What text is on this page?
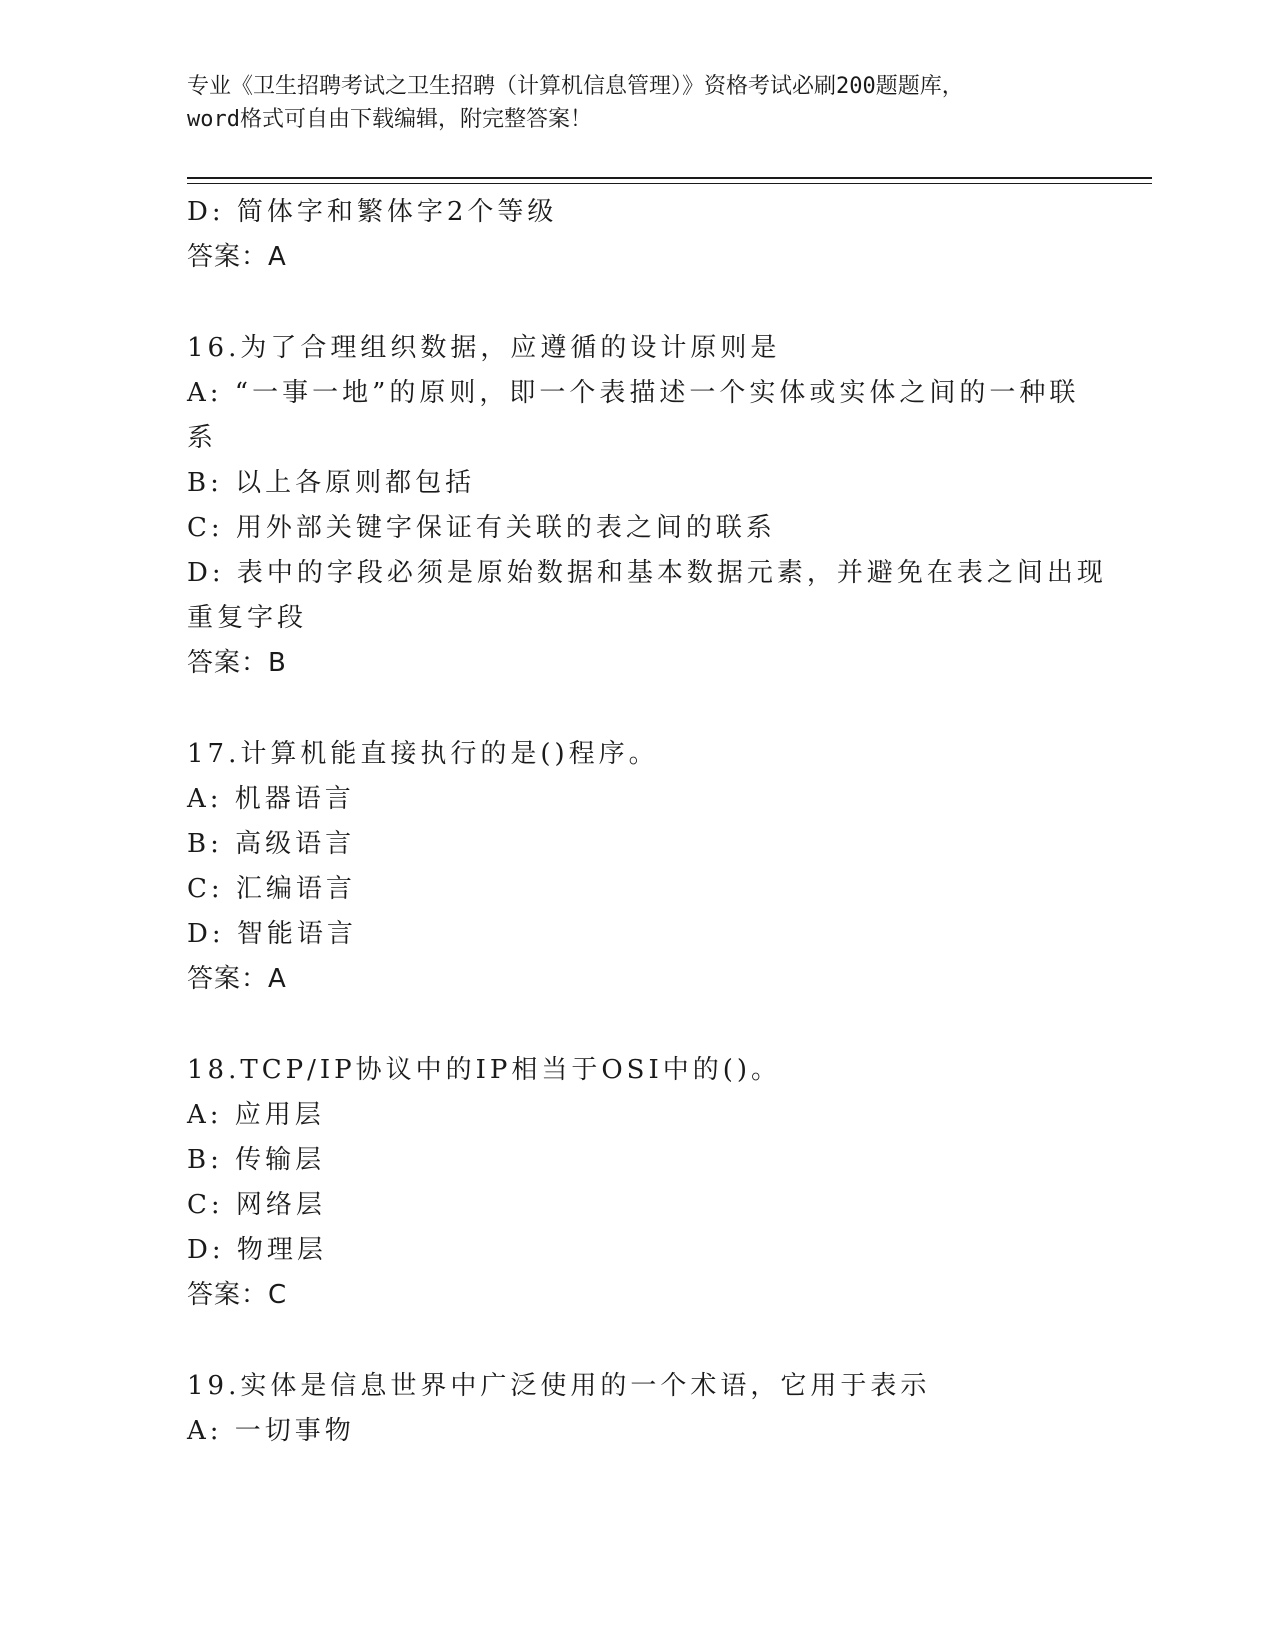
专业《卫生招聘考试之卫生招聘（计算机信息管理）》资格考试必刷200题题库，
word格式可自由下载编辑，附完整答案！
D: 简体字和繁体字2个等级
答案：A
16.为了合理组织数据，应遵循的设计原则是
A: “一事一地”的原则，即一个表描述一个实体或实体之间的一种联
系
B: 以上各原则都包括
C: 用外部关键字保证有关联的表之间的联系
D: 表中的字段必须是原始数据和基本数据元素，并避免在表之间出现
重复字段
答案：B
17.计算机能直接执行的是()程序。
A: 机器语言
B: 高级语言
C: 汇编语言
D: 智能语言
答案：A
18.TCP/IP协议中的IP相当于OSI中的()。
A: 应用层
B: 传输层
C: 网络层
D: 物理层
答案：C
19.实体是信息世界中广泛使用的一个术语，它用于表示
A: 一切事物
